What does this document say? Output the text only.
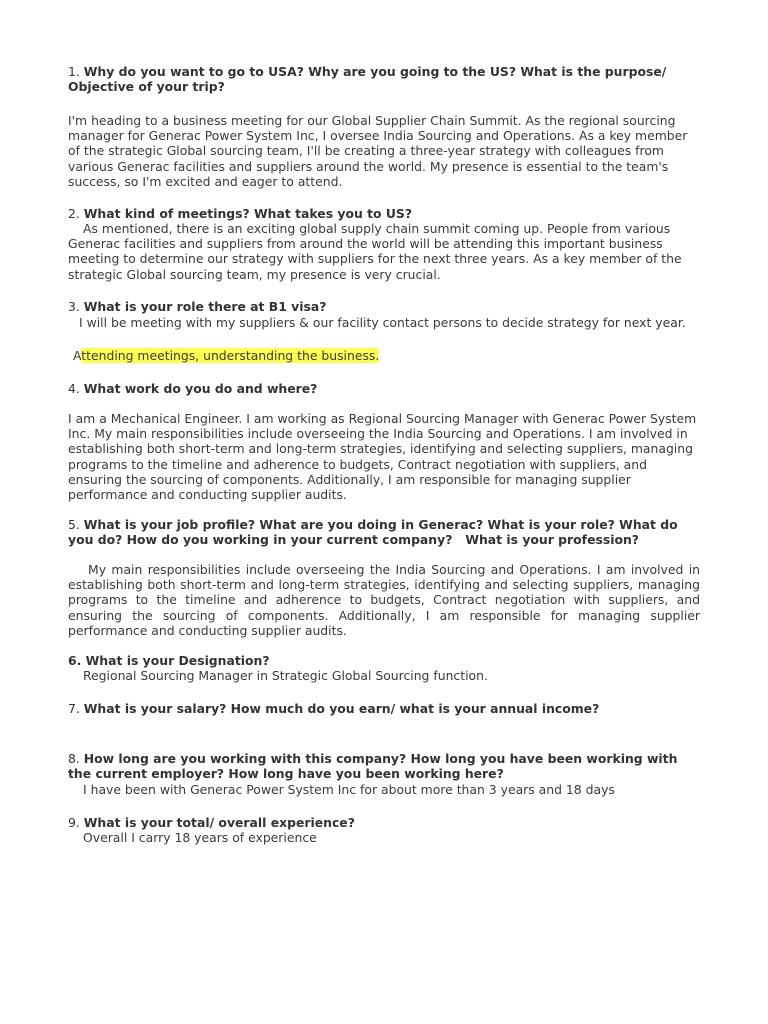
1. Why do you want to go to USA? Why are you going to the US? What is the purpose/ Objective of your trip?

I'm heading to a business meeting for our Global Supplier Chain Summit. As the regional sourcing manager for Generac Power System Inc, I oversee India Sourcing and Operations. As a key member of the strategic Global sourcing team, I'll be creating a three-year strategy with colleagues from various Generac facilities and suppliers around the world. My presence is essential to the team's success, so I'm excited and eager to attend.

2. What kind of meetings? What takes you to US?

As mentioned, there is an exciting global supply chain summit coming up. People from various Generac facilities and suppliers from around the world will be attending this important business meeting to determine our strategy with suppliers for the next three years. As a key member of the strategic Global sourcing team, my presence is very crucial.

3. What is your role there at B1 visa?

I will be meeting with my suppliers & our facility contact persons to decide strategy for next year.

Attending meetings, understanding the business.

4. What work do you do and where?

I am a Mechanical Engineer. I am working as Regional Sourcing Manager with Generac Power System Inc. My main responsibilities include overseeing the India Sourcing and Operations. I am involved in establishing both short-term and long-term strategies, identifying and selecting suppliers, managing programs to the timeline and adherence to budgets, Contract negotiation with suppliers, and ensuring the sourcing of components. Additionally, I am responsible for managing supplier performance and conducting supplier audits.

5. What is your job profile? What are you doing in Generac? What is your role? What do you do? How do you working in your current company?   What is your profession?

My main responsibilities include overseeing the India Sourcing and Operations. I am involved in establishing both short-term and long-term strategies, identifying and selecting suppliers, managing programs to the timeline and adherence to budgets, Contract negotiation with suppliers, and ensuring the sourcing of components. Additionally, I am responsible for managing supplier performance and conducting supplier audits.

6. What is your Designation?

Regional Sourcing Manager in Strategic Global Sourcing function.

7. What is your salary? How much do you earn/ what is your annual income?

8. How long are you working with this company? How long you have been working with the current employer? How long have you been working here?

I have been with Generac Power System Inc for about more than 3 years and 18 days

9. What is your total/ overall experience?

Overall I carry 18 years of experience
